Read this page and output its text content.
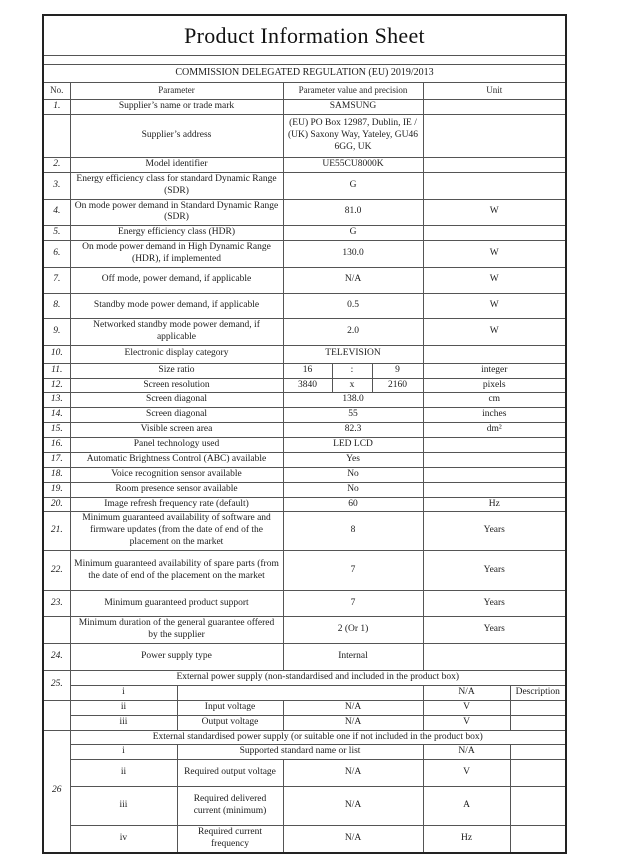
Product Information Sheet							

COMMISSION DELEGATED REGULATION (EU) 2019/2013							
No.	Parameter		Parameter value and precision			Unit	
1.	Supplier’s name or trade mark		SAMSUNG				
	Supplier’s address		(EU) PO Box 12987, Dublin, IE / (UK) Saxony Way, Yateley, GU46 6GG, UK				
2.	Model identifier		UE55CU8000K				
3.	Energy efficiency class for standard Dynamic Range (SDR)		G				
4.	On mode power demand in Standard Dynamic Range (SDR)		81.0			W	
5.	Energy efficiency class (HDR)		G				
6.	On mode power demand in High Dynamic Range (HDR), if implemented		130.0			W	
7.	Off mode, power demand, if applicable		N/A			W	
8.	Standby mode power demand, if applicable		0.5			W	
9.	Networked standby mode power demand, if applicable		2.0			W	
10.	Electronic display category		TELEVISION				
11.	Size ratio		16	:	9	integer	
12.	Screen resolution		3840	x	2160	pixels	
13.	Screen diagonal		138.0			cm	
14.	Screen diagonal		55			inches	
15.	Visible screen area		82.3			dm²	
16.	Panel technology used		LED LCD				
17.	Automatic Brightness Control (ABC) available		Yes				
18.	Voice recognition sensor available		No				
19.	Room presence sensor available		No				
20.	Image refresh frequency rate (default)		60			Hz	
21.	Minimum guaranteed availability of software and firmware updates (from the date of end of the placement on the market		8			Years	
22.	Minimum guaranteed availability of spare parts (from the date of end of the placement on the market		7			Years	
23.	Minimum guaranteed product support		7			Years	
	Minimum duration of the general guarantee offered by the supplier		2 (Or 1)			Years	
24.	Power supply type		Internal				
25.	External power supply (non-standardised and included in the product box)						
	i					N/A	Description
	ii	Input voltage	N/A			V	
	iii	Output voltage	N/A			V	
26	External standardised power supply (or suitable one if not included in the product box)						
	i	Supported standard name or list				N/A	
	ii	Required output voltage	N/A			V	
	iii	Required delivered current (minimum)	N/A			A	
	iv	Required current frequency	N/A			Hz	
